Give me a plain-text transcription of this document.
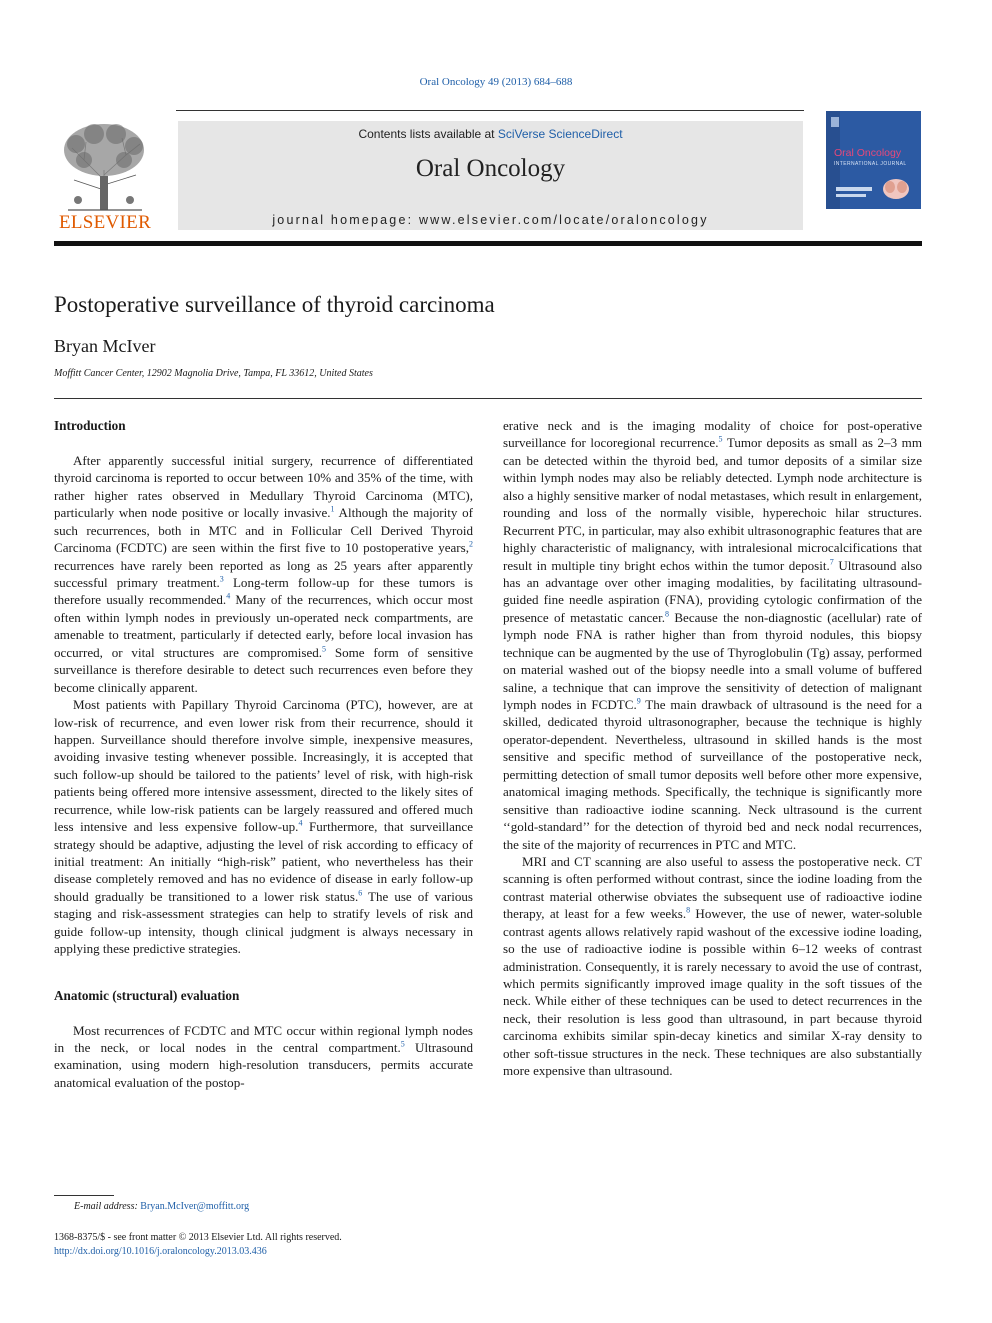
Oral Oncology 49 (2013) 684–688
ELSEVIER
Contents lists available at SciVerse ScienceDirect
Oral Oncology
journal homepage: www.elsevier.com/locate/oraloncology
Oral Oncology
INTERNATIONAL JOURNAL
Postoperative surveillance of thyroid carcinoma
Bryan McIver
Moffitt Cancer Center, 12902 Magnolia Drive, Tampa, FL 33612, United States
Introduction

After apparently successful initial surgery, recurrence of differentiated thyroid carcinoma is reported to occur between 10% and 35% of the time, with rather higher rates observed in Medullary Thyroid Carcinoma (MTC), particularly when node positive or locally invasive.$^1$ Although the majority of such recurrences, both in MTC and in Follicular Cell Derived Thyroid Carcinoma (FCDTC) are seen within the first five to 10 postoperative years,$^2$ recurrences have rarely been reported as long as 25 years after apparently successful primary treatment.$^3$ Long-term follow-up for these tumors is therefore usually recommended.$^4$ Many of the recurrences, which occur most often within lymph nodes in previously un-operated neck compartments, are amenable to treatment, particularly if detected early, before local invasion has occurred, or vital structures are compromised.$^5$ Some form of sensitive surveillance is therefore desirable to detect such recurrences even before they become clinically apparent.

Most patients with Papillary Thyroid Carcinoma (PTC), however, are at low-risk of recurrence, and even lower risk from their recurrence, should it happen. Surveillance should therefore involve simple, inexpensive measures, avoiding invasive testing whenever possible. Increasingly, it is accepted that such follow-up should be tailored to the patients’ level of risk, with high-risk patients being offered more intensive assessment, directed to the likely sites of recurrence, while low-risk patients can be largely reassured and offered much less intensive and less expensive follow-up.$^4$ Furthermore, that surveillance strategy should be adaptive, adjusting the level of risk according to efficacy of initial treatment: An initially “high-risk” patient, who nevertheless has their disease completely removed and has no evidence of disease in early follow-up should gradually be transitioned to a lower risk status.$^6$ The use of various staging and risk-assessment strategies can help to stratify levels of risk and guide follow-up intensity, though clinical judgment is always necessary in applying these predictive strategies.

Anatomic (structural) evaluation

Most recurrences of FCDTC and MTC occur within regional lymph nodes in the neck, or local nodes in the central compartment.$^5$ Ultrasound examination, using modern high-resolution transducers, permits accurate anatomical evaluation of the postop-

erative neck and is the imaging modality of choice for post-operative surveillance for locoregional recurrence.$^5$ Tumor deposits as small as 2–3 mm can be detected within the thyroid bed, and tumor deposits of a similar size within lymph nodes may also be reliably detected. Lymph node architecture is also a highly sensitive marker of nodal metastases, which result in enlargement, rounding and loss of the normally visible, hyperechoic hilar structures. Recurrent PTC, in particular, may also exhibit ultrasonographic features that are highly characteristic of malignancy, with intralesional microcalcifications that result in multiple tiny bright echos within the tumor deposit.$^7$ Ultrasound also has an advantage over other imaging modalities, by facilitating ultrasound-guided fine needle aspiration (FNA), providing cytologic confirmation of the presence of metastatic cancer.$^8$ Because the non-diagnostic (acellular) rate of lymph node FNA is rather higher than from thyroid nodules, this biopsy technique can be augmented by the use of Thyroglobulin (Tg) assay, performed on material washed out of the biopsy needle into a small volume of buffered saline, a technique that can improve the sensitivity of detection of malignant lymph nodes in FCDTC.$^9$ The main drawback of ultrasound is the need for a skilled, dedicated thyroid ultrasonographer, because the technique is highly operator-dependent. Nevertheless, ultrasound in skilled hands is the most sensitive and specific method of surveillance of the postoperative neck, permitting detection of small tumor deposits well before other more expensive, anatomical imaging methods. Specifically, the technique is significantly more sensitive than radioactive iodine scanning. Neck ultrasound is the current ‘‘gold-standard’’ for the detection of thyroid bed and neck nodal recurrences, the site of the majority of recurrences in PTC and MTC.

MRI and CT scanning are also useful to assess the postoperative neck. CT scanning is often performed without contrast, since the iodine loading from the contrast material otherwise obviates the subsequent use of radioactive iodine therapy, at least for a few weeks.$^8$ However, the use of newer, water-soluble contrast agents allows relatively rapid washout of the excessive iodine loading, so the use of radioactive iodine is possible within 6–12 weeks of contrast administration. Consequently, it is rarely necessary to avoid the use of contrast, which permits significantly improved image quality in the soft tissues of the neck. While either of these techniques can be used to detect recurrences in the neck, their resolution is less good than ultrasound, in part because thyroid carcinoma exhibits similar spin-decay kinetics and similar X-ray density to other soft-tissue structures in the neck. These techniques are also substantially more expensive than ultrasound.

E-mail address: Bryan.McIver@moffitt.org
1368-8375/$ - see front matter © 2013 Elsevier Ltd. All rights reserved.
http://dx.doi.org/10.1016/j.oraloncology.2013.03.436
